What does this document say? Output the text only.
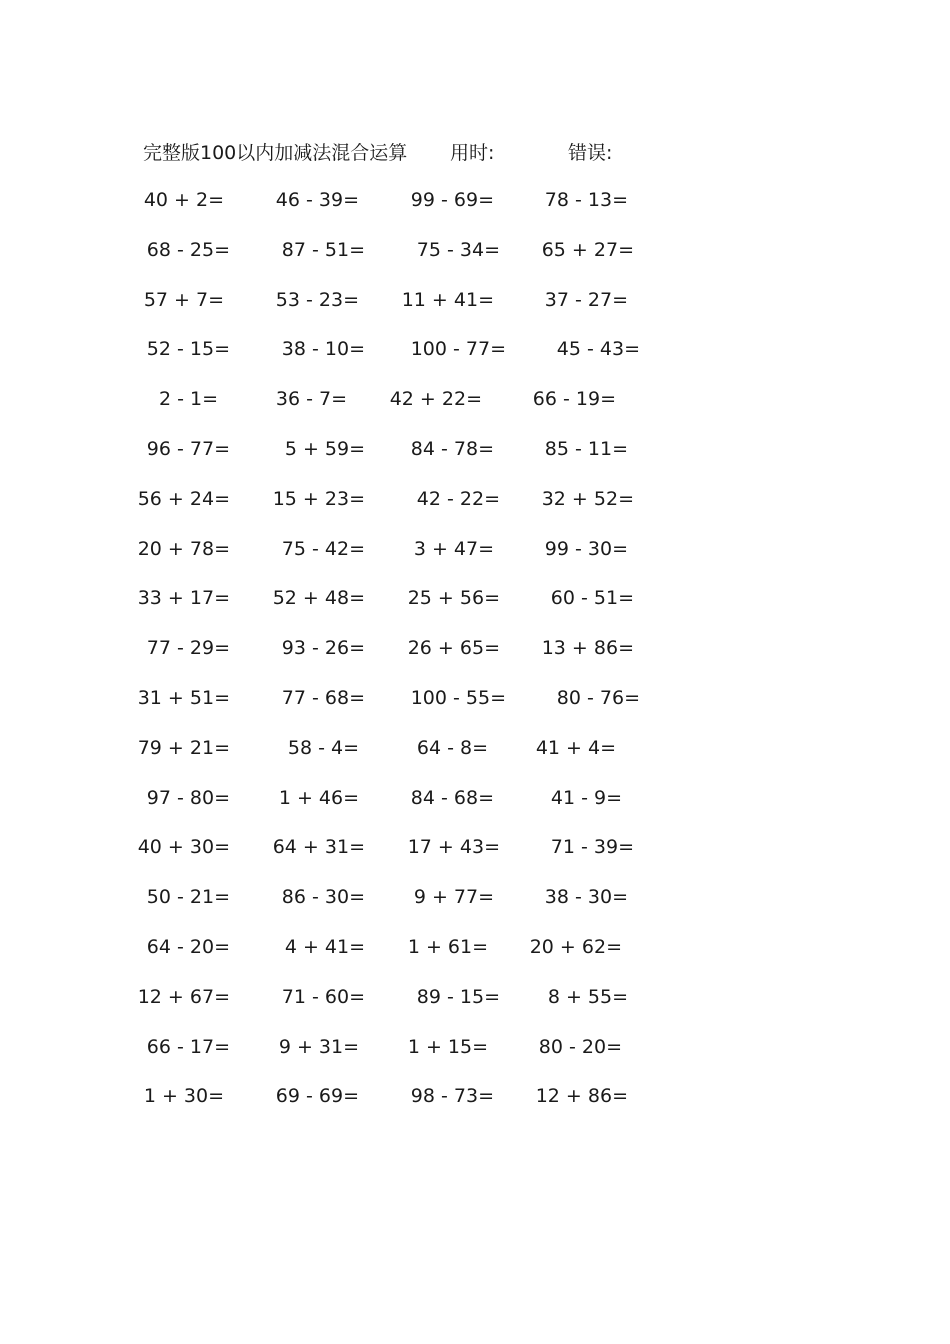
完整版100以内加减法混合运算 用时:	错误:
40 + 2=	46 - 39=	99 - 69=	78 - 13=
68 - 25=	87 - 51=	75 - 34= 65 + 27=
57 + 7=	53 - 23= 11 + 41=	37 - 27=
52 - 15=	38 - 10= 100 - 77=	45 - 43=
2 - 1=	36 - 7= 42 + 22=	66 - 19=
96 - 77=	5 + 59= 84 - 78=	85 - 11=
56 + 24= 15 + 23=	42 - 22= 32 + 52=
20 + 78=	75 - 42=	3 + 47=	99 - 30=
33 + 17= 52 + 48= 25 + 56=	60 - 51=
77 - 29=	93 - 26= 26 + 65= 13 + 86=
31 + 51=	77 - 68= 100 - 55=	80 - 76=
79 + 21=	58 - 4=	64 - 8=	41 + 4=
97 - 80=	1 + 46=	84 - 68=	41 - 9=
40 + 30= 64 + 31= 17 + 43=	71 - 39=
50 - 21=	86 - 30=	9 + 77=	38 - 30=
64 - 20=	4 + 41= 1 + 61= 20 + 62=
12 + 67=	71 - 60=	89 - 15=	8 + 55=
66 - 17=	9 + 31=	1 + 15=	80 - 20=
1 + 30=	69 - 69=	98 - 73= 12 + 86=
